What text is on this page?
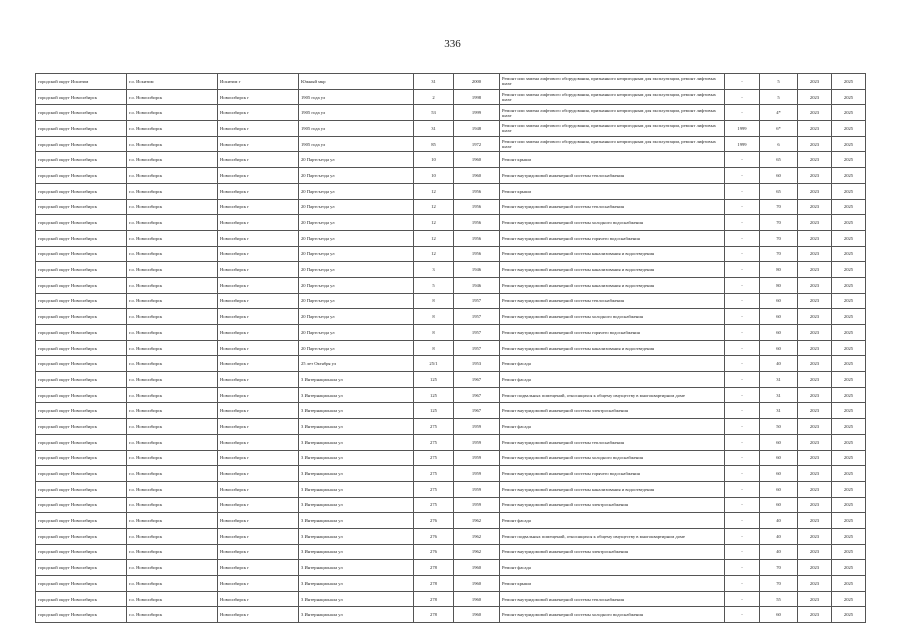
336
городской округ Искитим	г.о. Искитим	Искитим г	Южный мкр	31	2000	Ремонт или замена лифтового оборудования, признанного непригодным для эксплуатации, ремонт лифтовых шахт	-	5	2023	2025
городской округ Новосибирск	г.о. Новосибирск	Новосибирск г	1905 года ул	2	1998	Ремонт или замена лифтового оборудования, признанного непригодным для эксплуатации, ремонт лифтовых шахт	-	5	2023	2025
городской округ Новосибирск	г.о. Новосибирск	Новосибирск г	1905 года ул	53	1999	Ремонт или замена лифтового оборудования, признанного непригодным для эксплуатации, ремонт лифтовых шахт	-	4*	2023	2025
городской округ Новосибирск	г.о. Новосибирск	Новосибирск г	1905 года ул	31	1948	Ремонт или замена лифтового оборудования, признанного непригодным для эксплуатации, ремонт лифтовых шахт	1999	6*	2023	2025
городской округ Новосибирск	г.о. Новосибирск	Новосибирск г	1905 года ул	85	1972	Ремонт или замена лифтового оборудования, признанного непригодным для эксплуатации, ремонт лифтовых шахт	1999	6	2023	2025
городской округ Новосибирск	г.о. Новосибирск	Новосибирск г	20 Партсъезда ул	10	1960	Ремонт крыши	-	65	2023	2025
городской округ Новосибирск	г.о. Новосибирск	Новосибирск г	20 Партсъезда ул	10	1960	Ремонт внутридомовой инженерной системы теплоснабжения	-	60	2023	2025
городской округ Новосибирск	г.о. Новосибирск	Новосибирск г	20 Партсъезда ул	12	1956	Ремонт крыши	-	65	2023	2025
городской округ Новосибирск	г.о. Новосибирск	Новосибирск г	20 Партсъезда ул	12	1956	Ремонт внутридомовой инженерной системы теплоснабжения	-	70	2023	2025
городской округ Новосибирск	г.о. Новосибирск	Новосибирск г	20 Партсъезда ул	12	1956	Ремонт внутридомовой инженерной системы холодного водоснабжения	-	70	2023	2025
городской округ Новосибирск	г.о. Новосибирск	Новосибирск г	20 Партсъезда ул	12	1956	Ремонт внутридомовой инженерной системы горячего водоснабжения	-	70	2023	2025
городской округ Новосибирск	г.о. Новосибирск	Новосибирск г	20 Партсъезда ул	12	1956	Ремонт внутридомовой инженерной системы канализования и водоотведения	-	70	2023	2025
городской округ Новосибирск	г.о. Новосибирск	Новосибирск г	20 Партсъезда ул	3	1946	Ремонт внутридомовой инженерной системы канализования и водоотведения	-	80	2023	2025
городской округ Новосибирск	г.о. Новосибирск	Новосибирск г	20 Партсъезда ул	5	1946	Ремонт внутридомовой инженерной системы канализования и водоотведения	-	80	2023	2025
городской округ Новосибирск	г.о. Новосибирск	Новосибирск г	20 Партсъезда ул	8	1957	Ремонт внутридомовой инженерной системы теплоснабжения	-	60	2023	2025
городской округ Новосибирск	г.о. Новосибирск	Новосибирск г	20 Партсъезда ул	8	1957	Ремонт внутридомовой инженерной системы холодного водоснабжения	-	60	2023	2025
городской округ Новосибирск	г.о. Новосибирск	Новосибирск г	20 Партсъезда ул	8	1957	Ремонт внутридомовой инженерной системы горячего водоснабжения	-	60	2023	2025
городской округ Новосибирск	г.о. Новосибирск	Новосибирск г	20 Партсъезда ул	8	1957	Ремонт внутридомовой инженерной системы канализования и водоотведения	-	60	2023	2025
городской округ Новосибирск	г.о. Новосибирск	Новосибирск г	25 лет Октября ул	25/1	1953	Ремонт фасада	-	40	2023	2025
городской округ Новосибирск	г.о. Новосибирск	Новосибирск г	3 Интернационала ул	125	1967	Ремонт фасада	-	31	2023	2025
городской округ Новосибирск	г.о. Новосибирск	Новосибирск г	3 Интернационала ул	125	1967	Ремонт подвальных помещений, относящихся к общему имуществу в многоквартирном доме	-	31	2023	2025
городской округ Новосибирск	г.о. Новосибирск	Новосибирск г	3 Интернационала ул	125	1967	Ремонт внутридомовой инженерной системы электроснабжения	-	31	2023	2025
городской округ Новосибирск	г.о. Новосибирск	Новосибирск г	3 Интернационала ул	275	1959	Ремонт фасада	-	50	2023	2025
городской округ Новосибирск	г.о. Новосибирск	Новосибирск г	3 Интернационала ул	275	1959	Ремонт внутридомовой инженерной системы теплоснабжения	-	60	2023	2025
городской округ Новосибирск	г.о. Новосибирск	Новосибирск г	3 Интернационала ул	275	1959	Ремонт внутридомовой инженерной системы холодного водоснабжения	-	60	2023	2025
городской округ Новосибирск	г.о. Новосибирск	Новосибирск г	3 Интернационала ул	275	1959	Ремонт внутридомовой инженерной системы горячего водоснабжения	-	60	2023	2025
городской округ Новосибирск	г.о. Новосибирск	Новосибирск г	3 Интернационала ул	275	1959	Ремонт внутридомовой инженерной системы канализования и водоотведения	-	60	2023	2025
городской округ Новосибирск	г.о. Новосибирск	Новосибирск г	3 Интернационала ул	275	1959	Ремонт внутридомовой инженерной системы электроснабжения	-	60	2023	2025
городской округ Новосибирск	г.о. Новосибирск	Новосибирск г	3 Интернационала ул	276	1962	Ремонт фасада	-	40	2023	2025
городской округ Новосибирск	г.о. Новосибирск	Новосибирск г	3 Интернационала ул	276	1962	Ремонт подвальных помещений, относящихся к общему имуществу в многоквартирном доме	-	40	2023	2025
городской округ Новосибирск	г.о. Новосибирск	Новосибирск г	3 Интернационала ул	276	1962	Ремонт внутридомовой инженерной системы электроснабжения	-	40	2023	2025
городской округ Новосибирск	г.о. Новосибирск	Новосибирск г	3 Интернационала ул	278	1960	Ремонт фасада	-	70	2023	2025
городской округ Новосибирск	г.о. Новосибирск	Новосибирск г	3 Интернационала ул	278	1960	Ремонт крыши	-	70	2023	2025
городской округ Новосибирск	г.о. Новосибирск	Новосибирск г	3 Интернационала ул	278	1960	Ремонт внутридомовой инженерной системы теплоснабжения	-	55	2023	2025
городской округ Новосибирск	г.о. Новосибирск	Новосибирск г	3 Интернационала ул	278	1960	Ремонт внутридомовой инженерной системы холодного водоснабжения	-	60	2023	2025
